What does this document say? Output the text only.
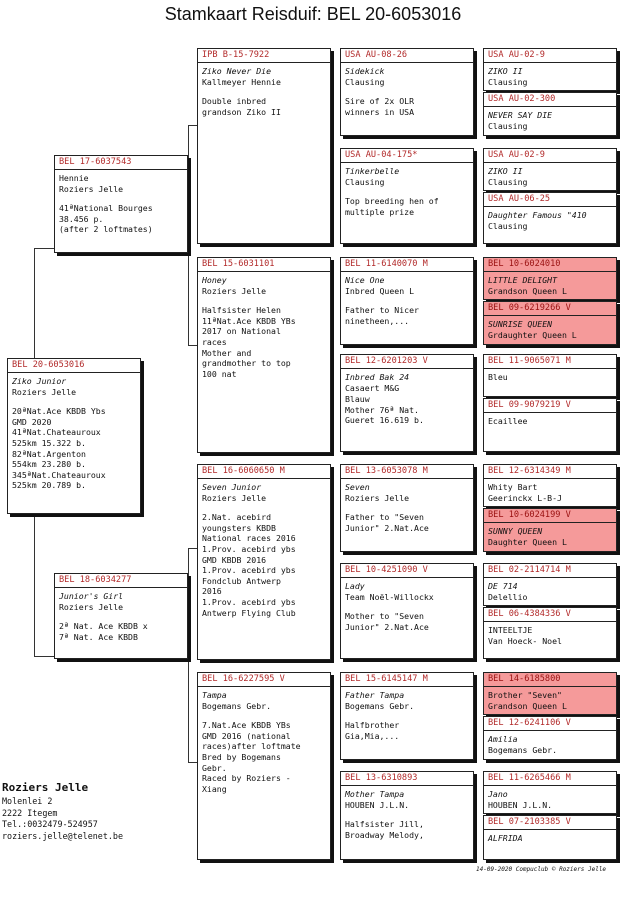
Stamkaart Reisduif: BEL 20-6053016
BEL 20-6053016
Ziko Junior
Roziers Jelle
20ªNat.Ace KBDB Ybs
GMD 2020
41ªNat.Chateauroux
525km 15.322 b.
82ªNat.Argenton
554km 23.280 b.
345ªNat.Chateauroux
525km 20.789 b.
BEL 17-6037543
Hennie
Roziers Jelle
41ªNational Bourges
38.456 p.
(after 2 loftmates)
BEL 18-6034277
Junior's Girl
Roziers Jelle
2ª Nat. Ace KBDB x
7ª Nat. Ace KBDB
IPB B-15-7922
Ziko Never Die
Kallmeyer Hennie
Double inbred
grandson Ziko II
BEL 15-6031101
Honey
Roziers Jelle
Halfsister Helen
11ªNat.Ace KBDB YBs
2017 on National
races
Mother and
grandmother to top
100 nat
BEL 16-6060650 M
Seven Junior
Roziers Jelle
2.Nat. acebird
youngsters KBDB
National races 2016
1.Prov. acebird ybs
GMD KBDB 2016
1.Prov. acebird ybs
Fondclub Antwerp
2016
1.Prov. acebird ybs
Antwerp Flying Club
BEL 16-6227595 V
Tampa
Bogemans Gebr.
7.Nat.Ace KBDB YBs
GMD 2016 (national
races)after loftmate
Bred by Bogemans
Gebr.
Raced by Roziers -
Xiang
USA AU-08-26
Sidekick
Clausing
Sire of 2x OLR
winners in USA
USA AU-04-175*
Tinkerbelle
Clausing
Top breeding hen of
multiple prize
BEL 11-6140070 M
Nice One
Inbred Queen L
Father to Nicer
ninetheen,...
BEL 12-6201203 V
Inbred Bak 24
Casaert M&G
Blauw
Mother 76ª Nat.
Gueret 16.619 b.
BEL 13-6053078 M
Seven
Roziers Jelle
Father to "Seven
Junior" 2.Nat.Ace
BEL 10-4251090 V
Lady
Team Noël-Willockx
Mother to "Seven
Junior" 2.Nat.Ace
BEL 15-6145147 M
Father Tampa
Bogemans Gebr.
Halfbrother
Gia,Mia,...
BEL 13-6310893
Mother Tampa
HOUBEN J.L.N.
Halfsister Jill,
Broadway Melody,
USA AU-02-9
ZIKO II
Clausing
USA AU-02-300
NEVER SAY DIE
Clausing
USA AU-02-9
ZIKO II
Clausing
USA AU-06-25
Daughter Famous "410
Clausing
BEL 10-6024010
LITTLE DELIGHT
Grandson Queen L
BEL 09-6219266 V
SUNRISE QUEEN
Grdaughter Queen L
BEL 11-9065071 M
Bleu
BEL 09-9079219 V
Ecaillee
BEL 12-6314349 M
Whity Bart
Geerinckx L-B-J
BEL 10-6024199 V
SUNNY QUEEN
Daughter Queen L
BEL 02-2114714 M
DE 714
Delellio
BEL 06-4384336 V
INTEELTJE
Van Hoeck- Noel
BEL 14-6185800
Brother "Seven"
Grandson Queen L
BEL 12-6241106 V
Amilia
Bogemans Gebr.
BEL 11-6265466 M
Jano
HOUBEN J.L.N.
BEL 07-2103385 V
ALFRIDA
Roziers Jelle
Molenlei 2
2222 Itegem
Tel.:0032479-524957
roziers.jelle@telenet.be
14-09-2020 Compuclub © Roziers Jelle
